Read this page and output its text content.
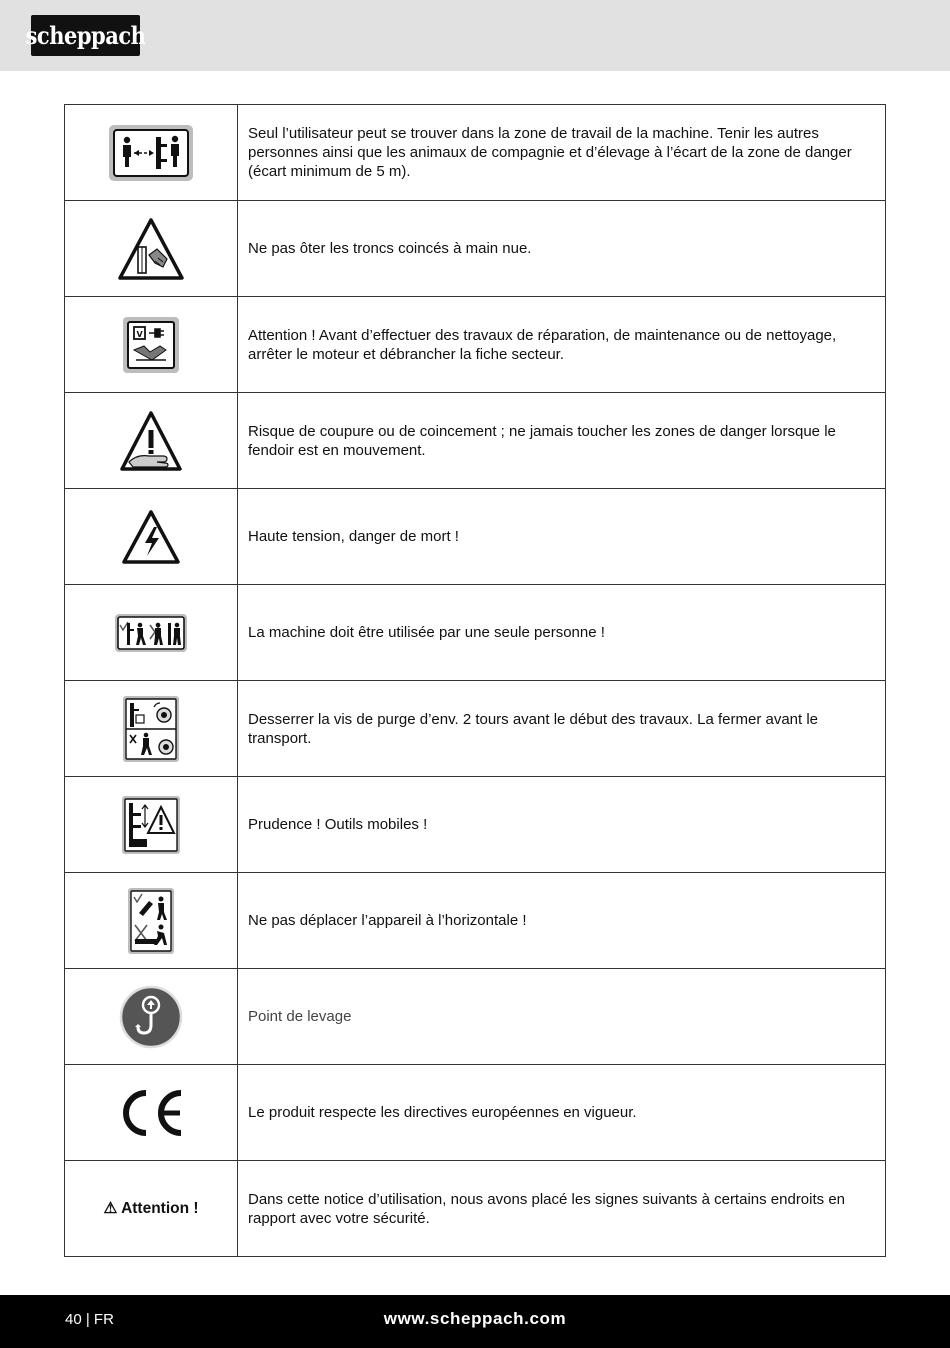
scheppach
	Seul l’utilisateur peut se trouver dans la zone de travail de la machine. Tenir les autres personnes ainsi que les animaux de compagnie et d’élevage à l’écart de la zone de danger (écart minimum de 5 m).
	Ne pas ôter les troncs coincés à main nue.

V	Attention ! Avant d’effectuer des travaux de réparation, de maintenance ou de nettoyage, arrêter le moteur et débrancher la fiche secteur.
	Risque de coupure ou de coincement ; ne jamais toucher les zones de danger lorsque le fendoir est en mouvement.
	Haute tension, danger de mort !
	La machine doit être utilisée par une seule personne !
	Desserrer la vis de purge d’env. 2 tours avant le début des travaux. La fermer avant le transport.
	Prudence ! Outils mobiles !
	Ne pas déplacer l’appareil à l’horizontale !
	Point de levage
	Le produit respecte les directives européennes en vigueur.
⚠ Attention !	Dans cette notice d’utilisation, nous avons placé les signes suivants à certains endroits en rapport avec votre sécurité.
40 | FR	www.scheppach.com
